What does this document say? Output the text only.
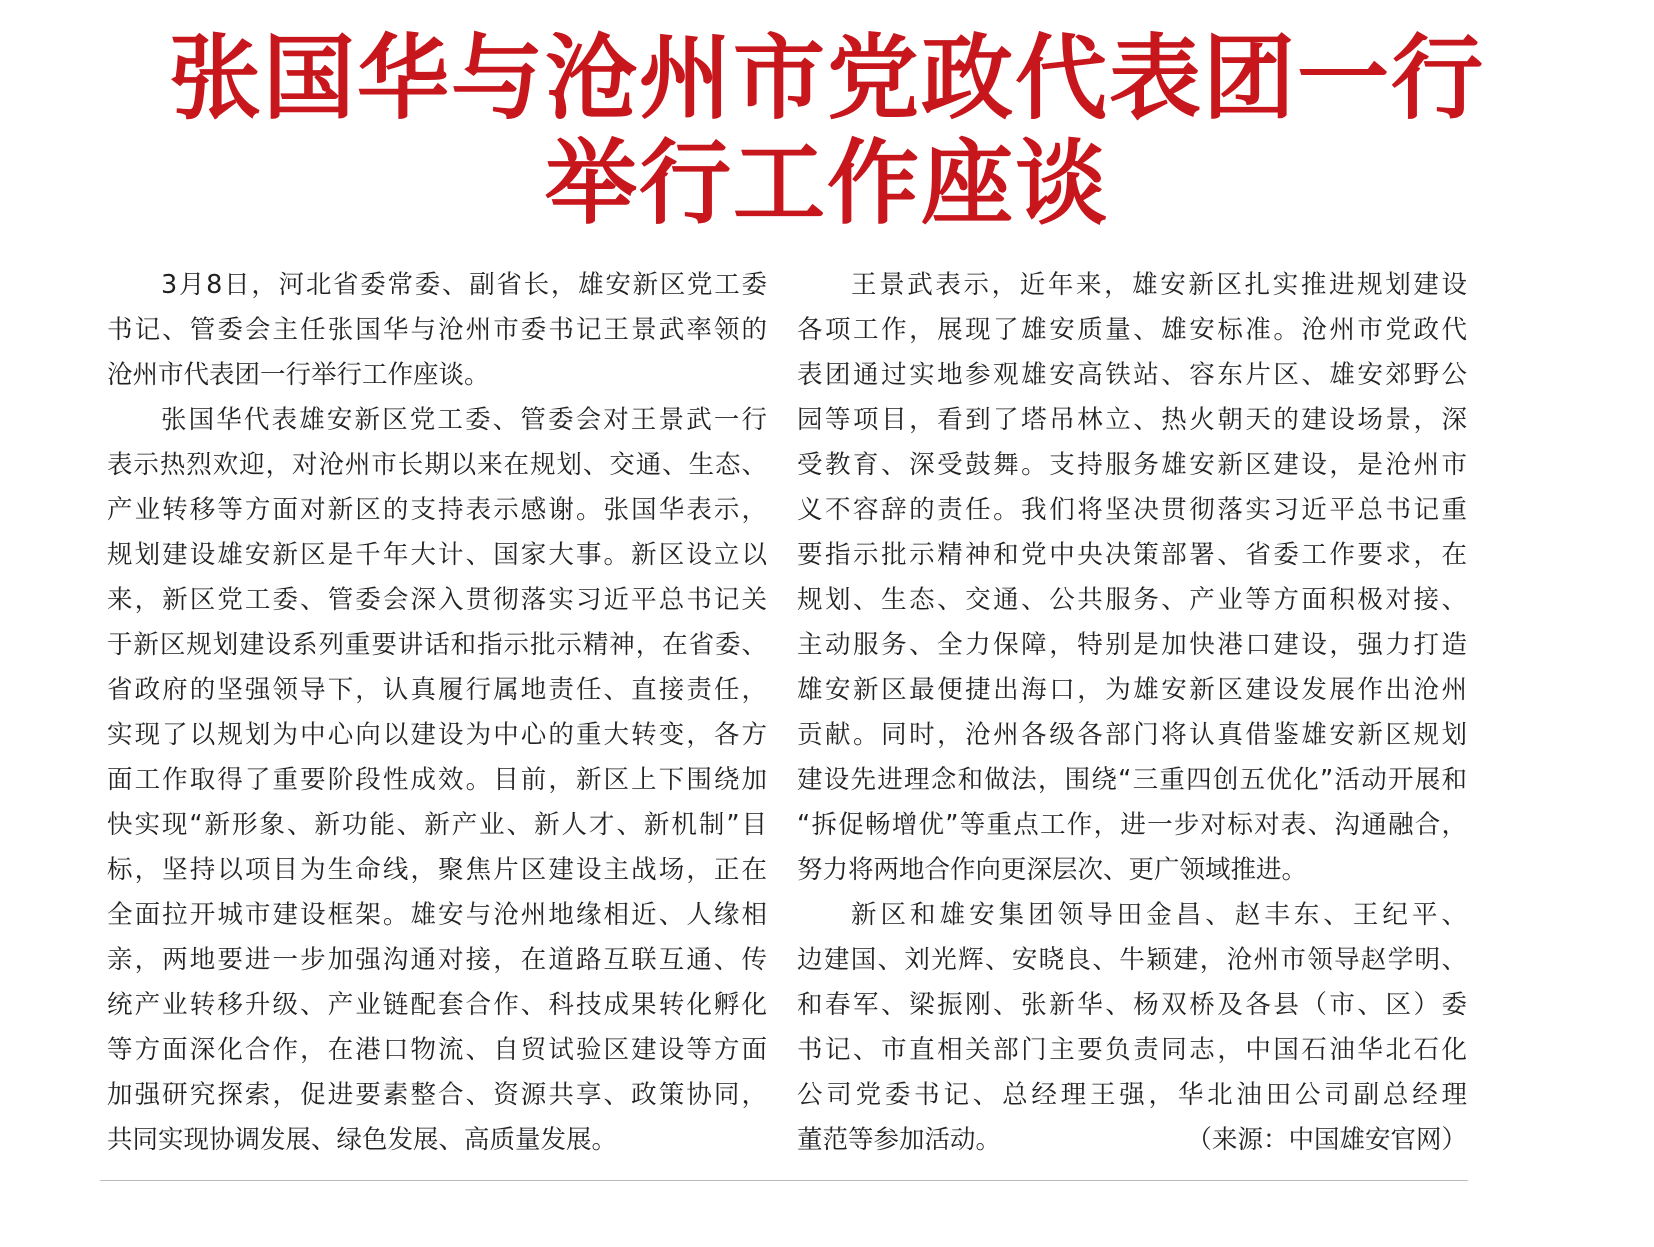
张国华与沧州市党政代表团一行
举行工作座谈
3月8日，河北省委常委、副省长，雄安新区党工委
书记、管委会主任张国华与沧州市委书记王景武率领的
沧州市代表团一行举行工作座谈。
张国华代表雄安新区党工委、管委会对王景武一行
表示热烈欢迎，对沧州市长期以来在规划、交通、生态、
产业转移等方面对新区的支持表示感谢。张国华表示，
规划建设雄安新区是千年大计、国家大事。新区设立以
来，新区党工委、管委会深入贯彻落实习近平总书记关
于新区规划建设系列重要讲话和指示批示精神，在省委、
省政府的坚强领导下，认真履行属地责任、直接责任，
实现了以规划为中心向以建设为中心的重大转变，各方
面工作取得了重要阶段性成效。目前，新区上下围绕加
快实现“新形象、新功能、新产业、新人才、新机制”目
标，坚持以项目为生命线，聚焦片区建设主战场，正在
全面拉开城市建设框架。雄安与沧州地缘相近、人缘相
亲，两地要进一步加强沟通对接，在道路互联互通、传
统产业转移升级、产业链配套合作、科技成果转化孵化
等方面深化合作，在港口物流、自贸试验区建设等方面
加强研究探索，促进要素整合、资源共享、政策协同，
共同实现协调发展、绿色发展、高质量发展。
王景武表示，近年来，雄安新区扎实推进规划建设
各项工作，展现了雄安质量、雄安标准。沧州市党政代
表团通过实地参观雄安高铁站、容东片区、雄安郊野公
园等项目，看到了塔吊林立、热火朝天的建设场景，深
受教育、深受鼓舞。支持服务雄安新区建设，是沧州市
义不容辞的责任。我们将坚决贯彻落实习近平总书记重
要指示批示精神和党中央决策部署、省委工作要求，在
规划、生态、交通、公共服务、产业等方面积极对接、
主动服务、全力保障，特别是加快港口建设，强力打造
雄安新区最便捷出海口，为雄安新区建设发展作出沧州
贡献。同时，沧州各级各部门将认真借鉴雄安新区规划
建设先进理念和做法，围绕“三重四创五优化”活动开展和
“拆促畅增优”等重点工作，进一步对标对表、沟通融合，
努力将两地合作向更深层次、更广领域推进。
新区和雄安集团领导田金昌、赵丰东、王纪平、
边建国、刘光辉、安晓良、牛颖建，沧州市领导赵学明、
和春军、梁振刚、张新华、杨双桥及各县（市、区）委
书记、市直相关部门主要负责同志，中国石油华北石化
公司党委书记、总经理王强，华北油田公司副总经理
董范等参加活动。	（来源：中国雄安官网）
